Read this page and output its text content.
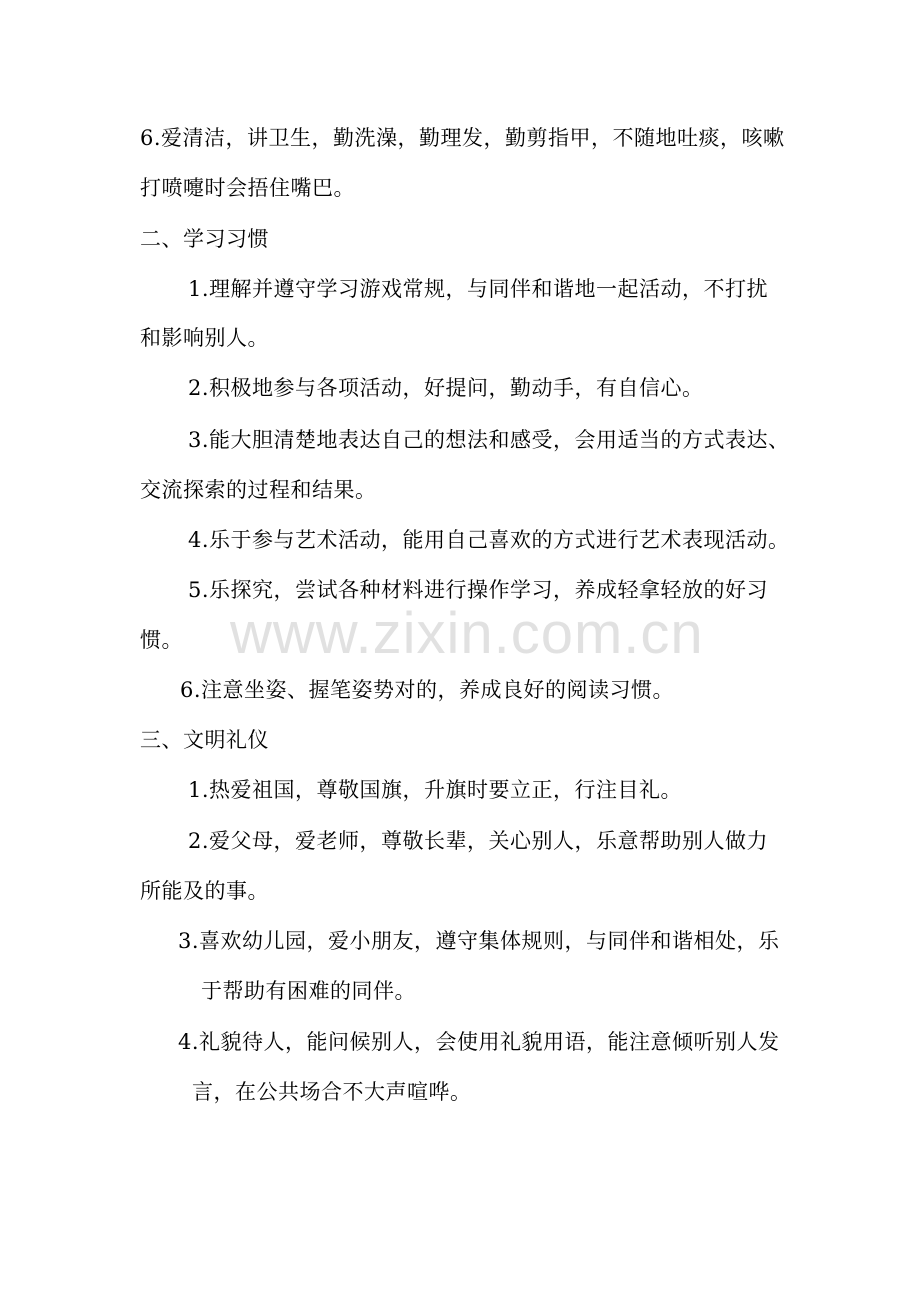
6.爱清洁，讲卫生，勤洗澡，勤理发，勤剪指甲，不随地吐痰，咳嗽
打喷嚏时会捂住嘴巴。
二、学习习惯
1.理解并遵守学习游戏常规，与同伴和谐地一起活动，不打扰
和影响别人。
2.积极地参与各项活动，好提问，勤动手，有自信心。
3.能大胆清楚地表达自己的想法和感受，会用适当的方式表达、
交流探索的过程和结果。
4.乐于参与艺术活动，能用自己喜欢的方式进行艺术表现活动。
5.乐探究，尝试各种材料进行操作学习，养成轻拿轻放的好习
惯。
6.注意坐姿、握笔姿势对的，养成良好的阅读习惯。
三、文明礼仪
1.热爱祖国，尊敬国旗，升旗时要立正，行注目礼。
2.爱父母，爱老师，尊敬长辈，关心别人，乐意帮助别人做力
所能及的事。
3.喜欢幼儿园，爱小朋友，遵守集体规则，与同伴和谐相处，乐
于帮助有困难的同伴。
4.礼貌待人，能问候别人，会使用礼貌用语，能注意倾听别人发
言，在公共场合不大声喧哗。
www.zixin.com.cn
